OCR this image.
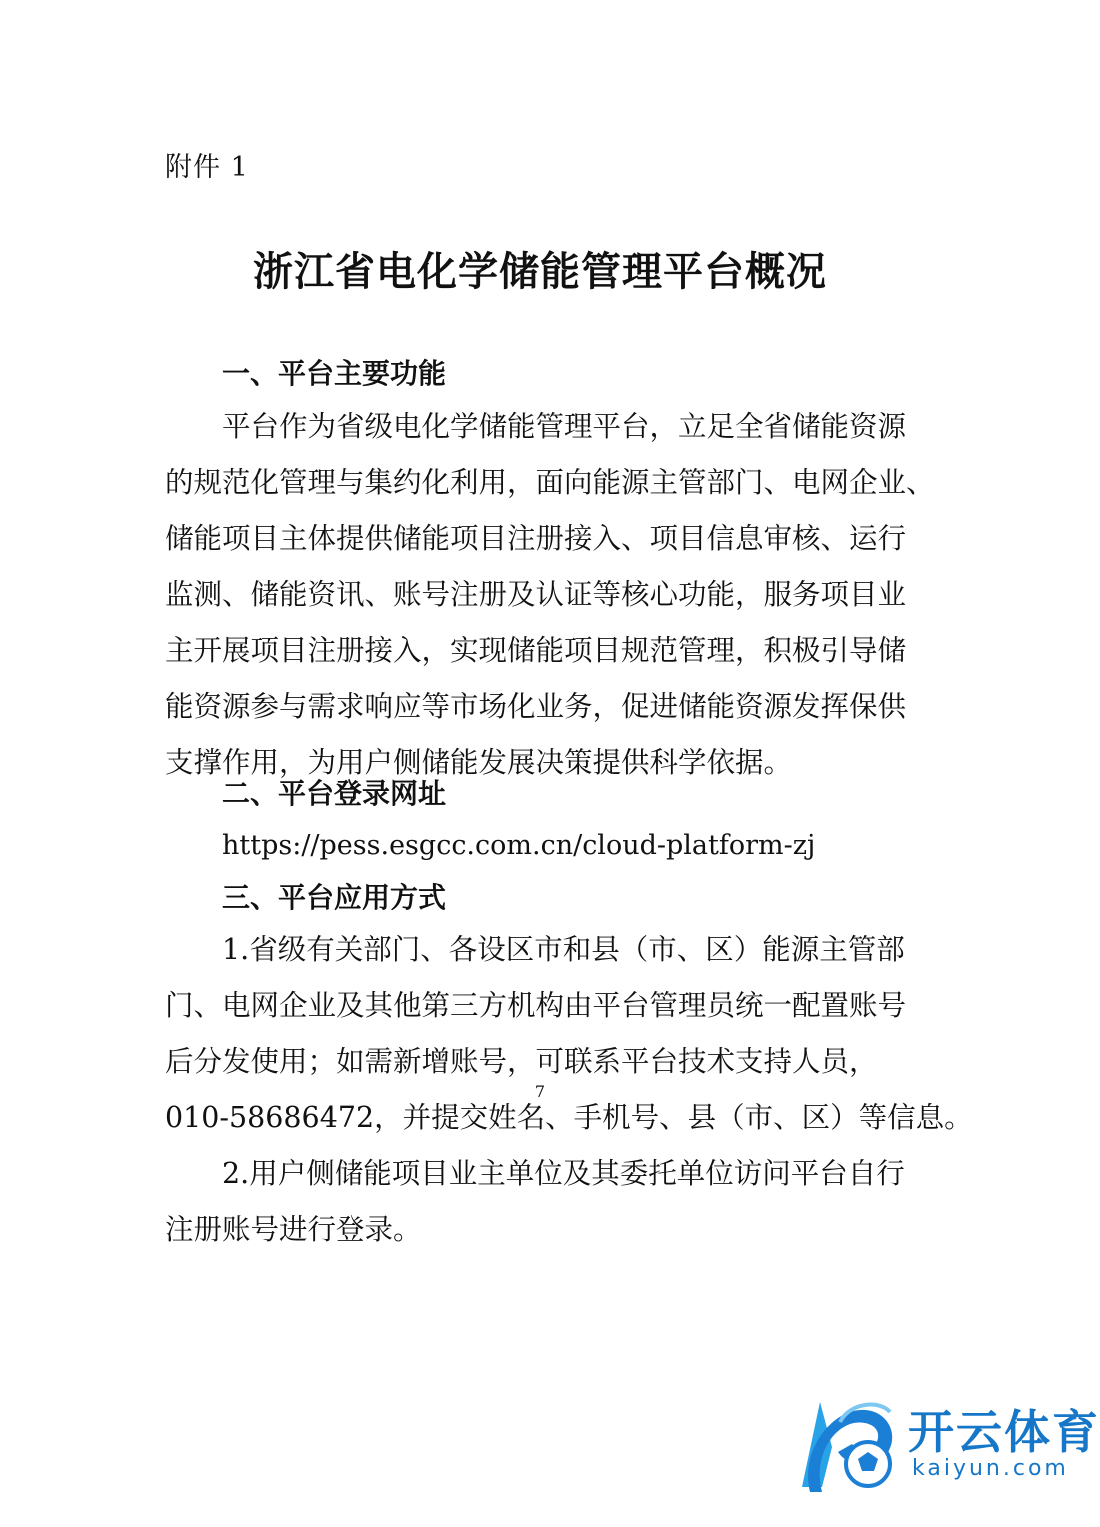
附件 1
浙江省电化学储能管理平台概况
一、平台主要功能
平台作为省级电化学储能管理平台，立足全省储能资源
的规范化管理与集约化利用，面向能源主管部门、电网企业、
储能项目主体提供储能项目注册接入、项目信息审核、运行
监测、储能资讯、账号注册及认证等核心功能，服务项目业
主开展项目注册接入，实现储能项目规范管理，积极引导储
能资源参与需求响应等市场化业务，促进储能资源发挥保供
支撑作用，为用户侧储能发展决策提供科学依据。
二、平台登录网址
https://pess.esgcc.com.cn/cloud-platform-zj
三、平台应用方式
1.省级有关部门、各设区市和县（市、区）能源主管部
门、电网企业及其他第三方机构由平台管理员统一配置账号
后分发使用；如需新增账号，可联系平台技术支持人员，
010-58686472，并提交姓名、手机号、县（市、区）等信息。
2.用户侧储能项目业主单位及其委托单位访问平台自行
注册账号进行登录。
7
开云体育
kaiyun.com
